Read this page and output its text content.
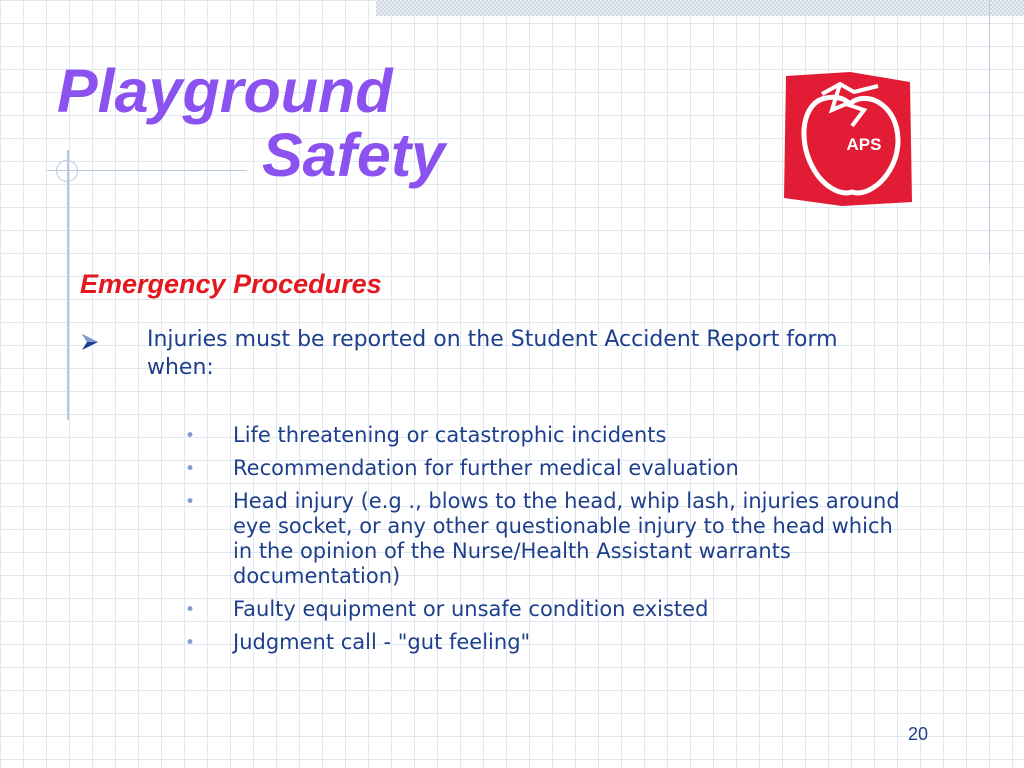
Playground
Safety	APS
Emergency Procedures
Injuries must be reported on the Student Accident Report form when:
• Life threatening or catastrophic incidents
• Recommendation for further medical evaluation
• Head injury (e.g ., blows to the head, whip lash, injuries around eye socket, or any other questionable injury to the head which in the opinion of the Nurse/Health Assistant warrants documentation)
• Faulty equipment or unsafe condition existed
• Judgment call - "gut feeling"
20
